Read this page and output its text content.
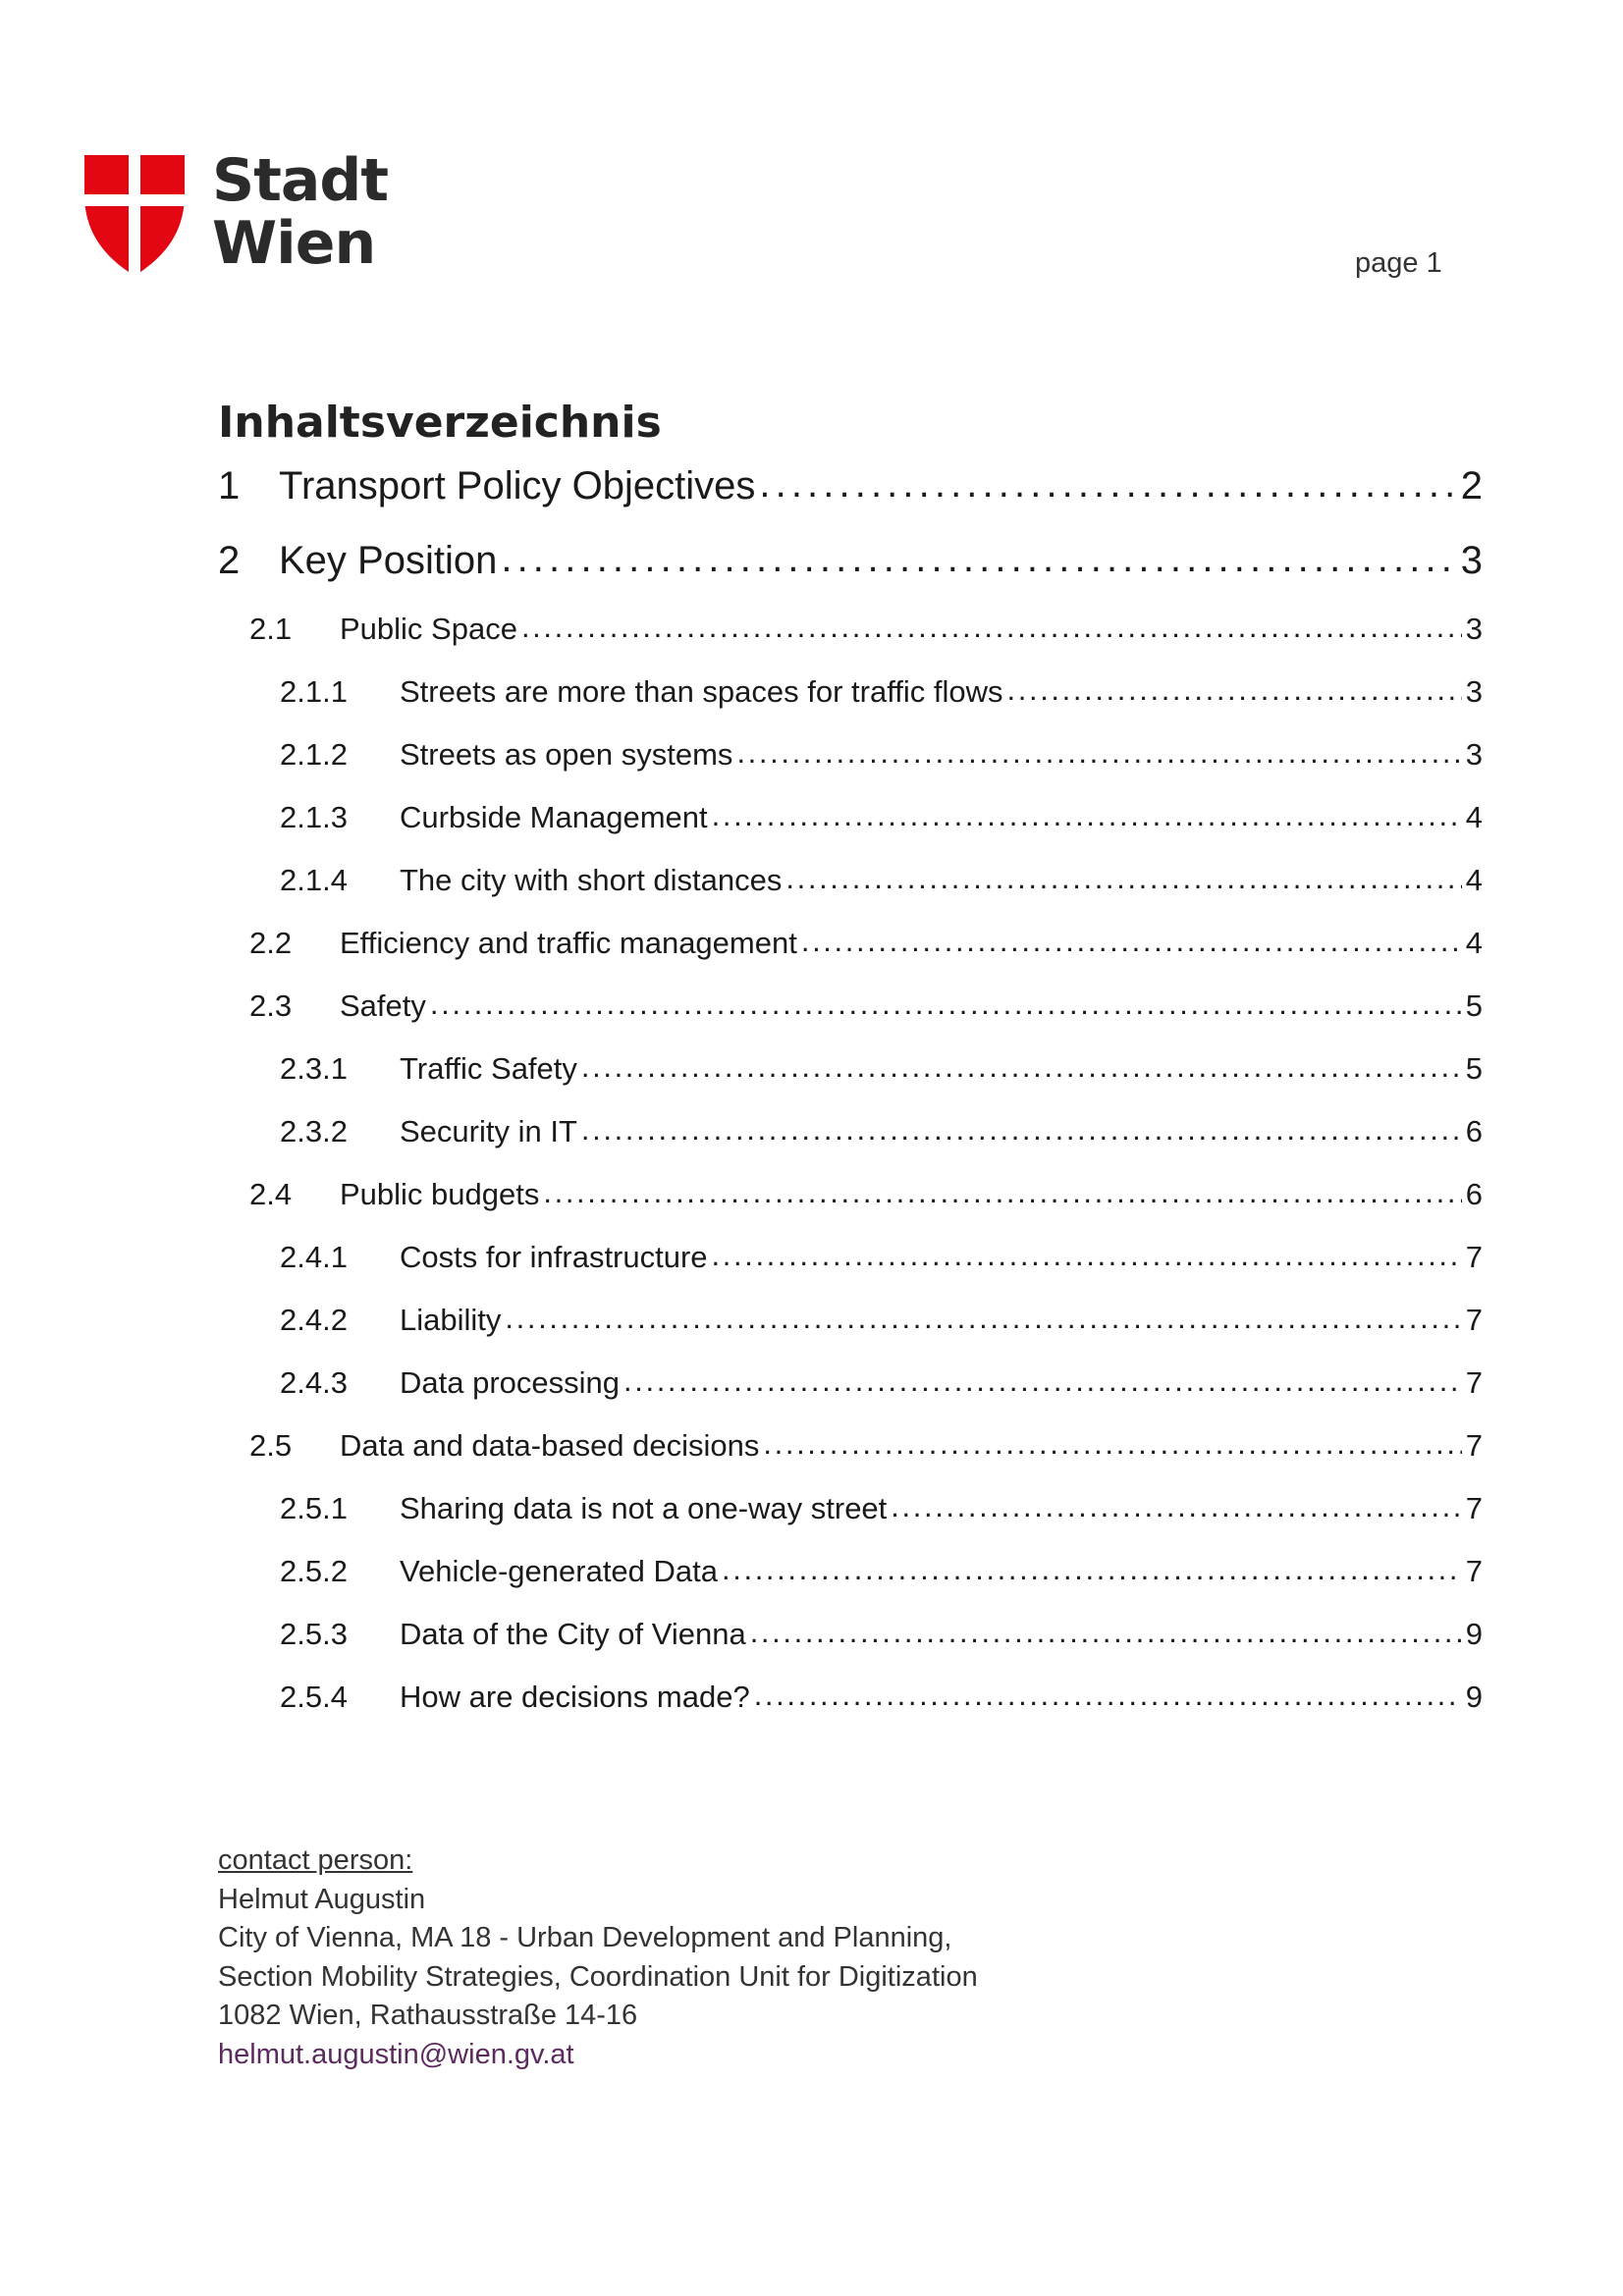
Stadt
Wien	page 1
Inhaltsverzeichnis
1 Transport Policy Objectives . . .	2
2 Key Position . . .	3
2.1	Public Space . . .	3
2.1.1	Streets are more than spaces for traffic flows . . .	3
2.1.2	Streets as open systems . . .	3
2.1.3	Curbside Management . . .	4
2.1.4	The city with short distances . . .	4
2.2	Efficiency and traffic management . . .	4
2.3	Safety . . .	5
2.3.1	Traffic Safety . . .	5
2.3.2	Security in IT . . .	6
2.4	Public budgets . . .	6
2.4.1	Costs for infrastructure . . .	7
2.4.2	Liability . . .	7
2.4.3	Data processing . . .	7
2.5	Data and data-based decisions . . .	7
2.5.1	Sharing data is not a one-way street . . .	7
2.5.2	Vehicle-generated Data . . .	7
2.5.3	Data of the City of Vienna . . .	9
2.5.4	How are decisions made? . . .	9
contact person:
Helmut Augustin
City of Vienna, MA 18 - Urban Development and Planning,
Section Mobility Strategies, Coordination Unit for Digitization
1082 Wien, Rathausstraße 14-16
helmut.augustin@wien.gv.at
